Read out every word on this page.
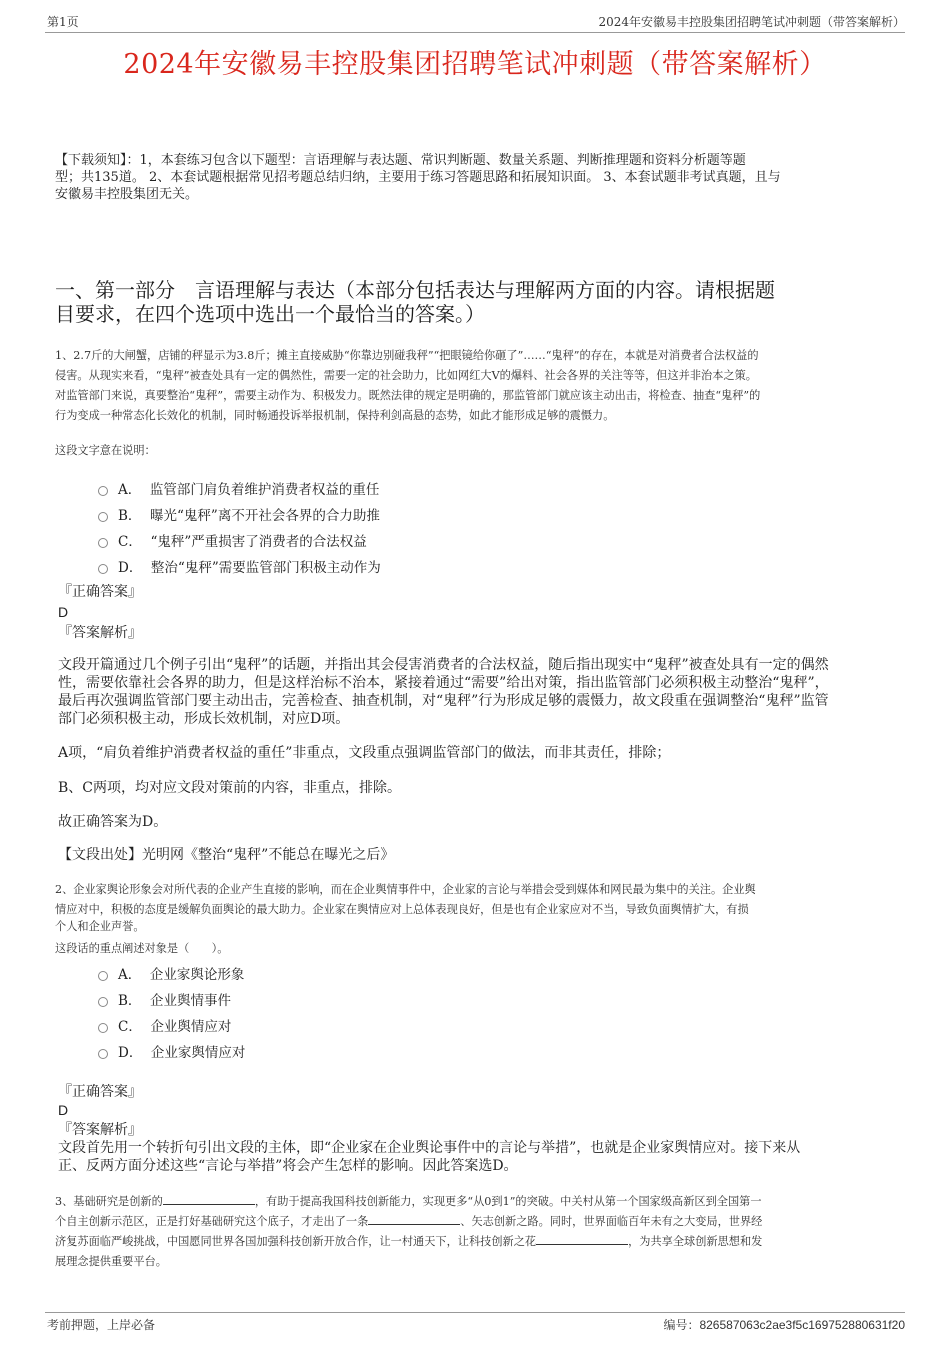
第1页	2024年安徽易丰控股集团招聘笔试冲刺题（带答案解析）
2024年安徽易丰控股集团招聘笔试冲刺题（带答案解析）
【下载须知】：1，本套练习包含以下题型：言语理解与表达题、常识判断题、数量关系题、判断推理题和资料分析题等题
型；共135道。 2、本套试题根据常见招考题总结归纳，主要用于练习答题思路和拓展知识面。 3、本套试题非考试真题，且与
安徽易丰控股集团无关。
一、第一部分　言语理解与表达（本部分包括表达与理解两方面的内容。请根据题
目要求，在四个选项中选出一个最恰当的答案。）
1、2.7斤的大闸蟹，店铺的秤显示为3.8斤；摊主直接威胁“你靠边别碰我秤”“把眼镜给你砸了”……“鬼秤”的存在，本就是对消费者合法权益的
侵害。从现实来看，“鬼秤”被查处具有一定的偶然性，需要一定的社会助力，比如网红大V的爆料、社会各界的关注等等，但这并非治本之策。
对监管部门来说，真要整治“鬼秤”，需要主动作为、积极发力。既然法律的规定是明确的，那监管部门就应该主动出击，将检查、抽查“鬼秤”的
行为变成一种常态化长效化的机制，同时畅通投诉举报机制，保持利剑高悬的态势，如此才能形成足够的震慑力。
这段文字意在说明：
A． 监管部门肩负着维护消费者权益的重任
B． 曝光“鬼秤”离不开社会各界的合力助推
C． “鬼秤”严重损害了消费者的合法权益
D． 整治“鬼秤”需要监管部门积极主动作为
『正确答案』
D
『答案解析』
文段开篇通过几个例子引出“鬼秤”的话题，并指出其会侵害消费者的合法权益，随后指出现实中“鬼秤”被查处具有一定的偶然
性，需要依靠社会各界的助力，但是这样治标不治本，紧接着通过“需要”给出对策，指出监管部门必须积极主动整治“鬼秤”，
最后再次强调监管部门要主动出击，完善检查、抽查机制，对“鬼秤”行为形成足够的震慑力，故文段重在强调整治“鬼秤”监管
部门必须积极主动，形成长效机制，对应D项。
A项，“肩负着维护消费者权益的重任”非重点，文段重点强调监管部门的做法，而非其责任，排除；
B、C两项，均对应文段对策前的内容，非重点，排除。
故正确答案为D。
【文段出处】光明网《整治“鬼秤”不能总在曝光之后》
2、企业家舆论形象会对所代表的企业产生直接的影响，而在企业舆情事件中，企业家的言论与举措会受到媒体和网民最为集中的关注。企业舆
情应对中，积极的态度是缓解负面舆论的最大助力。企业家在舆情应对上总体表现良好，但是也有企业家应对不当，导致负面舆情扩大，有损
个人和企业声誉。
这段话的重点阐述对象是（　　）。
A． 企业家舆论形象
B． 企业舆情事件
C． 企业舆情应对
D． 企业家舆情应对
『正确答案』
D
『答案解析』
文段首先用一个转折句引出文段的主体，即“企业家在企业舆论事件中的言论与举措”，也就是企业家舆情应对。接下来从
正、反两方面分述这些“言论与举措”将会产生怎样的影响。因此答案选D。
3、基础研究是创新的	，有助于提高我国科技创新能力，实现更多“从0到1”的突破。中关村从第一个国家级高新区到全国第一
个自主创新示范区，正是打好基础研究这个底子，才走出了一条	、矢志创新之路。同时，世界面临百年未有之大变局，世界经
济复苏面临严峻挑战，中国愿同世界各国加强科技创新开放合作，让一村通天下，让科技创新之花	，为共享全球创新思想和发
展理念提供重要平台。
考前押题，上岸必备	编号：826587063c2ae3f5c169752880631f20
